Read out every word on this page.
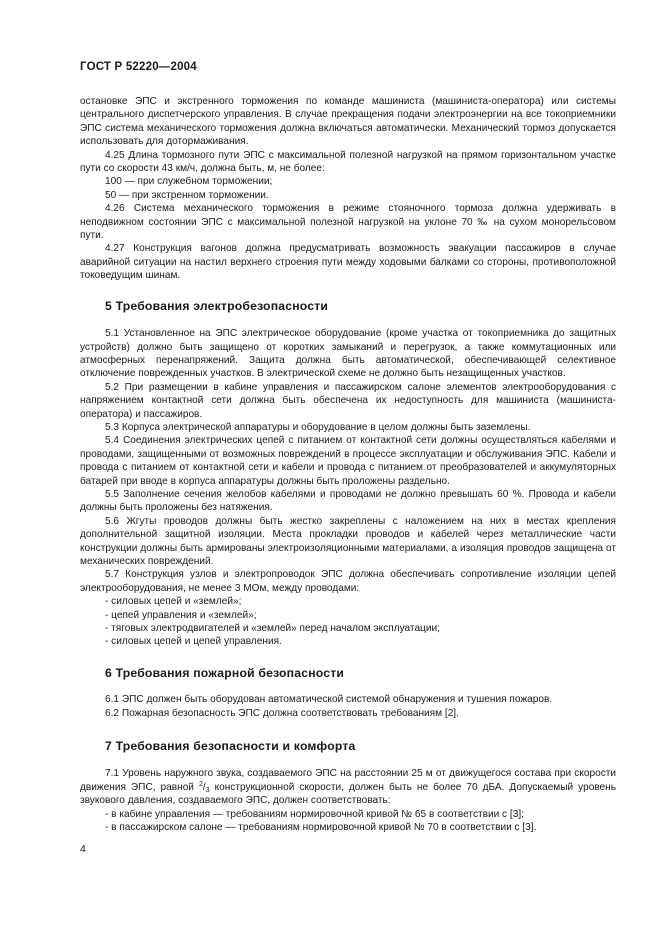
ГОСТ Р 52220—2004

остановке ЭПС и экстренного торможения по команде машиниста (машиниста-оператора) или системы центрального диспетчерского управления. В случае прекращения подачи электроэнергии на все токоприемники ЭПС система механического торможения должна включаться автоматически. Механический тормоз допускается использовать для дотормаживания.

4.25 Длина тормозного пути ЭПС с максимальной полезной нагрузкой на прямом горизонтальном участке пути со скорости 43 км/ч, должна быть, м, не более:

100 — при служебном торможении;
50 — при экстренном торможении.

4.26 Система механического торможения в режиме стояночного тормоза должна удерживать в неподвижном состоянии ЭПС с максимальной полезной нагрузкой на уклоне 70 ‰ на сухом монорельсовом пути.

4.27 Конструкция вагонов должна предусматривать возможность эвакуации пассажиров в случае аварийной ситуации на настил верхнего строения пути между ходовыми балками со стороны, противоположной токоведущим шинам.

5 Требования электробезопасности

5.1 Установленное на ЭПС электрическое оборудование (кроме участка от токоприемника до защитных устройств) должно быть защищено от коротких замыканий и перегрузок, а также коммутационных или атмосферных перенапряжений. Защита должна быть автоматической, обеспечивающей селективное отключение поврежденных участков. В электрической схеме не должно быть незащищенных участков.

5.2 При размещении в кабине управления и пассажирском салоне элементов электрооборудования с напряжением контактной сети должна быть обеспечена их недоступность для машиниста (машиниста-оператора) и пассажиров.

5.3 Корпуса электрической аппаратуры и оборудование в целом должны быть заземлены.

5.4 Соединения электрических цепей с питанием от контактной сети должны осуществляться кабелями и проводами, защищенными от возможных повреждений в процессе эксплуатации и обслуживания ЭПС. Кабели и провода с питанием от контактной сети и кабели и провода с питанием от преобразователей и аккумуляторных батарей при вводе в корпуса аппаратуры должны быть проложены раздельно.

5.5 Заполнение сечения желобов кабелями и проводами не должно превышать 60 %. Провода и кабели должны быть проложены без натяжения.

5.6 Жгуты проводов должны быть жестко закреплены с наложением на них в местах крепления дополнительной защитной изоляции. Места прокладки проводов и кабелей через металлические части конструкции должны быть армированы электроизоляционными материалами, а изоляция проводов защищена от механических повреждений.

5.7 Конструкция узлов и электропроводок ЭПС должна обеспечивать сопротивление изоляции цепей электрооборудования, не менее 3 МОм, между проводами:

- силовых цепей и «землей»;
- цепей управления и «землей»;
- тяговых электродвигателей и «землей» перед началом эксплуатации;
- силовых цепей и цепей управления.
6 Требования пожарной безопасности

6.1 ЭПС должен быть оборудован автоматической системой обнаружения и тушения пожаров.

6.2 Пожарная безопасность ЭПС должна соответствовать требованиям [2].

7 Требования безопасности и комфорта

7.1 Уровень наружного звука, создаваемого ЭПС на расстоянии 25 м от движущегося состава при скорости движения ЭПС, равной $^2/_3$ конструкционной скорости, должен быть не более 70 дБА. Допускаемый уровень звукового давления, создаваемого ЭПС, должен соответствовать:

- в кабине управления — требованиям нормировочной кривой № 65 в соответствии с [3];
- в пассажирском салоне — требованиям нормировочной кривой № 70 в соответствии с [3].
4
